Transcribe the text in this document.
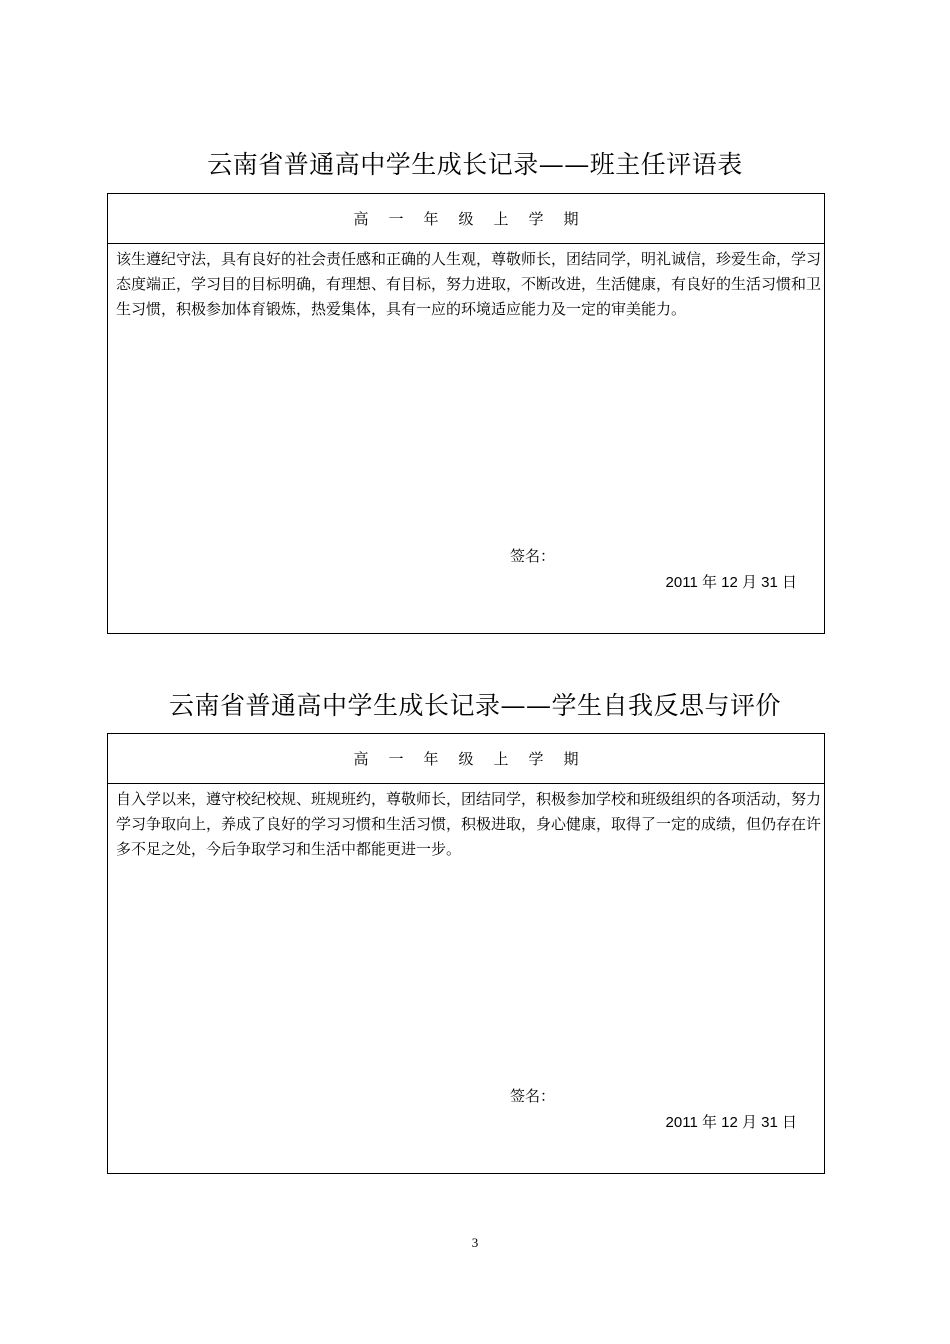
云南省普通高中学生成长记录——班主任评语表
高一年级上学期
该生遵纪守法，具有良好的社会责任感和正确的人生观，尊敬师长，团结同学，明礼诚信，珍爱生命，学习态度端正，学习目的目标明确，有理想、有目标，努力进取，不断改进，生活健康，有良好的生活习惯和卫生习惯，积极参加体育锻炼，热爱集体，具有一应的环境适应能力及一定的审美能力。
签名：
2011 年 12 月 31 日
云南省普通高中学生成长记录——学生自我反思与评价
高一年级上学期
自入学以来，遵守校纪校规、班规班约，尊敬师长，团结同学，积极参加学校和班级组织的各项活动，努力学习争取向上，养成了良好的学习习惯和生活习惯，积极进取，身心健康，取得了一定的成绩，但仍存在许多不足之处，今后争取学习和生活中都能更进一步。
签名：
2011 年 12 月 31 日
3
